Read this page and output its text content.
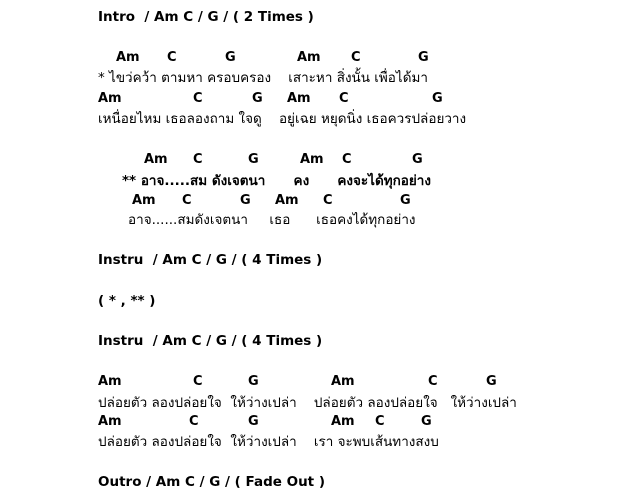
Intro  / Am C / G / ( 2 Times )
Am C	G	Am C	G
* ไขว่คว้า ตามหา ครอบครอง    เสาะหา สิ่งนั้น เพื่อได้มา
Am	C	G Am C	G
เหนื่อยไหม เธอลองถาม ใจดู    อยู่เฉย หยุดนิ่ง เธอควรปล่อยวาง
Am C	G	Am C	G
** อาจ.....สม ดังเจตนา      คง      คงจะได้ทุกอย่าง
Am C	G Am C	G
อาจ......สมดังเจตนา     เธอ      เธอคงได้ทุกอย่าง
Instru  / Am C / G / ( 4 Times )
( * , ** )
Instru  / Am C / G / ( 4 Times )
Am	C	G	Am	C	G
ปล่อยตัว ลองปล่อยใจ  ให้ว่างเปล่า    ปล่อยตัว ลองปล่อยใจ   ให้ว่างเปล่า
Am	C	G	Am C	G
ปล่อยตัว ลองปล่อยใจ  ให้ว่างเปล่า    เรา จะพบเส้นทางสงบ
Outro / Am C / G / ( Fade Out )
